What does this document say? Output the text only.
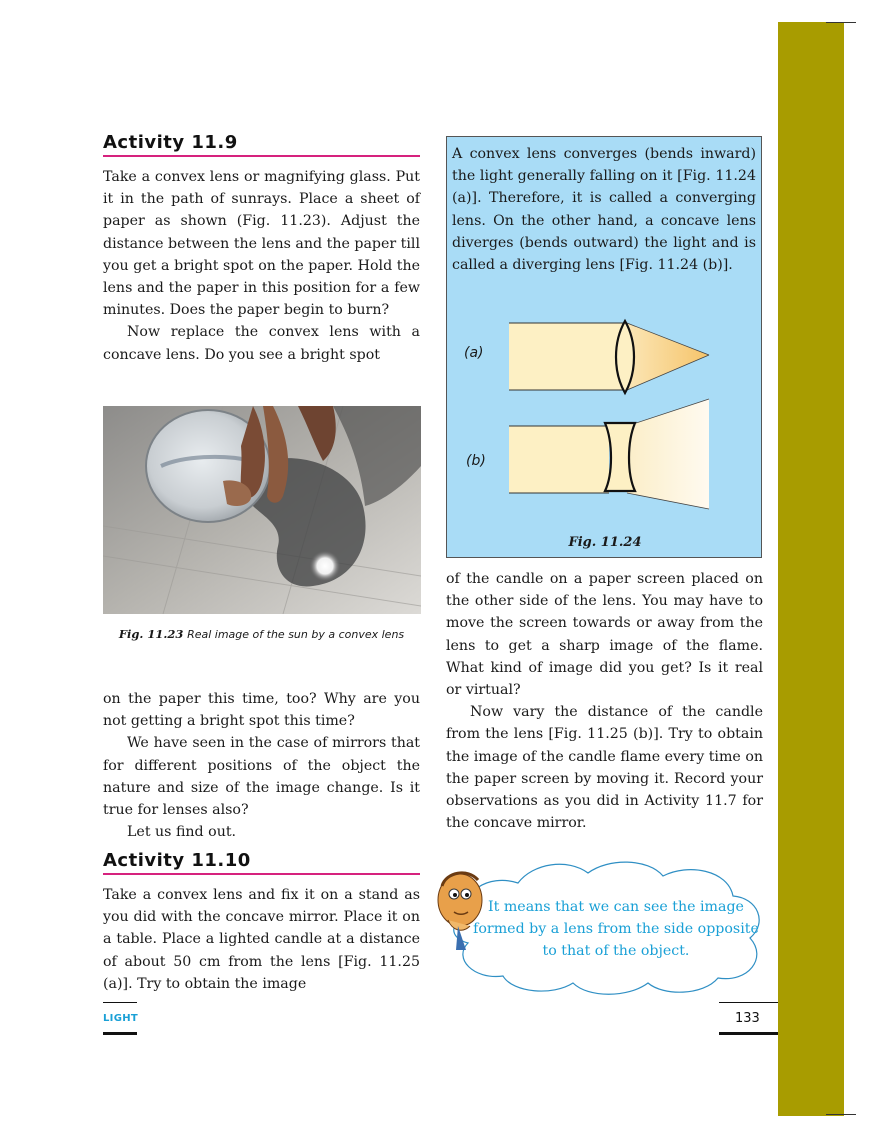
Activity 11.9

Take a convex lens or magnifying glass. Put it in the path of sunrays. Place a sheet of paper as shown (Fig. 11.23). Adjust the distance between the lens and the paper till you get a bright spot on the paper. Hold the lens and the paper in this position for a few minutes. Does the paper begin to burn?

Now replace the convex lens with a concave lens. Do you see a bright spot

Fig. 11.23 Real image of the sun by a convex lens

on the paper this time, too? Why are you not getting a bright spot this time?

We have seen in the case of mirrors that for different positions of the object the nature and size of the image change. Is it true for lenses also?

Let us find out.

Activity 11.10

Take a convex lens and fix it on a stand as you did with the concave mirror. Place it on a table. Place a lighted candle at a distance of about 50 cm from the lens [Fig. 11.25 (a)]. Try to obtain the image

A convex lens converges (bends inward) the light generally falling on it [Fig. 11.24 (a)]. Therefore, it is called a converging lens. On the other hand, a concave lens diverges (bends outward) the light and is called a diverging lens [Fig. 11.24 (b)].

(a)
(b)
Fig. 11.24

of the candle on a paper screen placed on the other side of the lens. You may have to move the screen towards or away from the lens to get a sharp image of the flame. What kind of image did you get? Is it real or virtual?

Now vary the distance of the candle from the lens [Fig. 11.25 (b)]. Try to obtain the image of the candle flame every time on the paper screen by moving it. Record your observations as you did in Activity 11.7 for the concave mirror.

It means that we can see the image formed by a lens from the side opposite to that of the object.
LIGHT	133
